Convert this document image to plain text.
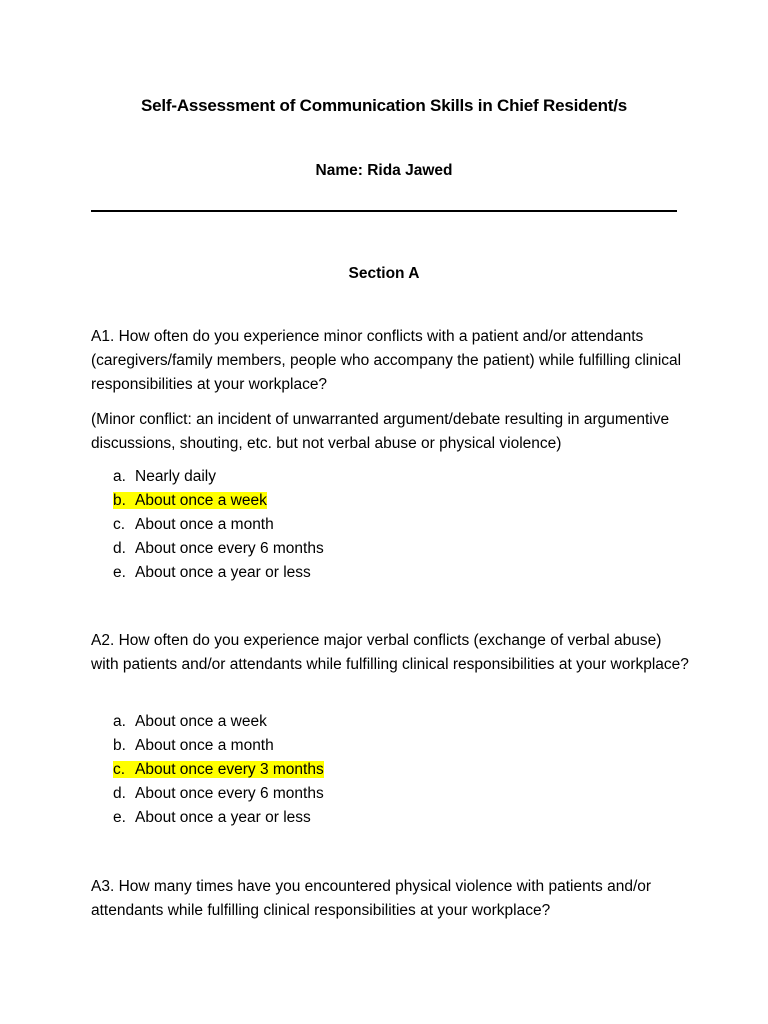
Self-Assessment of Communication Skills in Chief Resident/s
Name: Rida Jawed
Section A

A1. How often do you experience minor conflicts with a patient and/or attendants (caregivers/family members, people who accompany the patient) while fulfilling clinical responsibilities at your workplace?

(Minor conflict: an incident of unwarranted argument/debate resulting in argumentive discussions, shouting, etc. but not verbal abuse or physical violence)

a. Nearly daily
b. About once a week
c. About once a month
d. About once every 6 months
e. About once a year or less

A2. How often do you experience major verbal conflicts (exchange of verbal abuse) with patients and/or attendants while fulfilling clinical responsibilities at your workplace?

a. About once a week
b. About once a month
c. About once every 3 months
d. About once every 6 months
e. About once a year or less

A3. How many times have you encountered physical violence with patients and/or attendants while fulfilling clinical responsibilities at your workplace?
